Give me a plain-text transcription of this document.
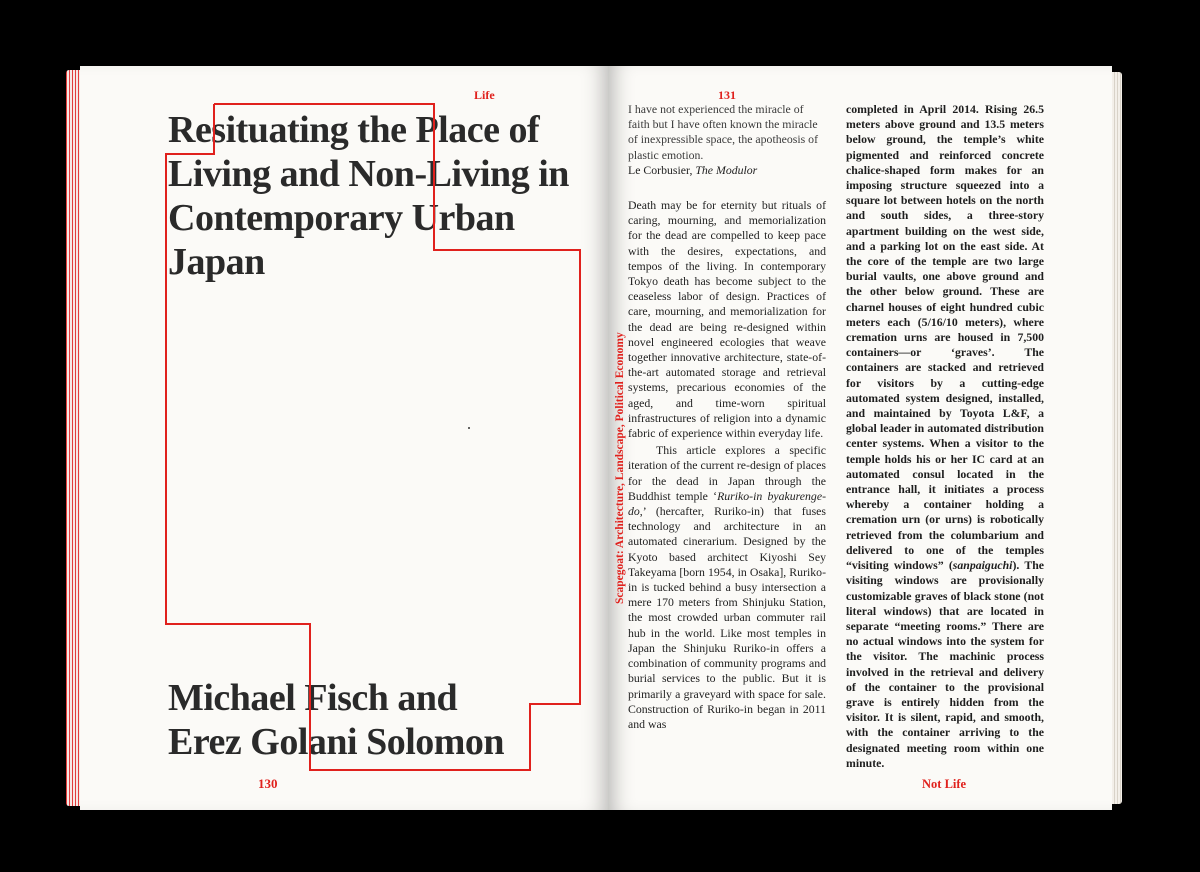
Life
Resituating the Place of Living and Non-Living in Contemporary Urban Japan
Michael Fisch and
Erez Golani Solomon
130
131
I have not experienced the miracle of faith but I have often known the miracle of inexpressible space, the apotheosis of plastic emotion.
Le Corbusier, The Modulor
Scapegoat: Architecture, Landscape, Political Economy

Death may be for eternity but rituals of caring, mourning, and memorialization for the dead are compelled to keep pace with the desires, expectations, and tempos of the living. In contemporary Tokyo death has become subject to the ceaseless labor of design. Practices of care, mourning, and memorialization for the dead are being re-designed within novel engineered ecologies that weave together innovative architecture, state-of-the-art automated storage and retrieval systems, precarious economies of the aged, and time-worn spiritual infrastructures of religion into a dynamic fabric of experience within everyday life.

This article explores a specific iteration of the current re-design of places for the dead in Japan through the Buddhist temple ‘Ruriko-in byakurenge-do,’ (hercafter, Ruriko-in) that fuses technology and architecture in an automated cinerarium. Designed by the Kyoto based architect Kiyoshi Sey Takeyama [born 1954, in Osaka], Ruriko-in is tucked behind a busy intersection a mere 170 meters from Shinjuku Station, the most crowded urban commuter rail hub in the world. Like most temples in Japan the Shinjuku Ruriko-in offers a combination of community programs and burial services to the public. But it is primarily a graveyard with space for sale. Construction of Ruriko-in began in 2011 and was

completed in April 2014. Rising 26.5 meters above ground and 13.5 meters below ground, the temple’s white pigmented and reinforced concrete chalice-shaped form makes for an imposing structure squeezed into a square lot between hotels on the north and south sides, a three-story apartment building on the west side, and a parking lot on the east side. At the core of the temple are two large burial vaults, one above ground and the other below ground. These are charnel houses of eight hundred cubic meters each (5/16/10 meters), where cremation urns are housed in 7,500 containers—or ‘graves’. The containers are stacked and retrieved for visitors by a cutting-edge automated system designed, installed, and maintained by Toyota L&F, a global leader in automated distribution center systems. When a visitor to the temple holds his or her IC card at an automated consul located in the entrance hall, it initiates a process whereby a container holding a cremation urn (or urns) is robotically retrieved from the columbarium and delivered to one of the temples “visiting windows” (sanpaiguchi). The visiting windows are provisionally customizable graves of black stone (not literal windows) that are located in separate “meeting rooms.” There are no actual windows into the system for the visitor. The machinic process involved in the retrieval and delivery of the container to the provisional grave is entirely hidden from the visitor. It is silent, rapid, and smooth, with the container arriving to the designated meeting room within one minute.

Not Life
